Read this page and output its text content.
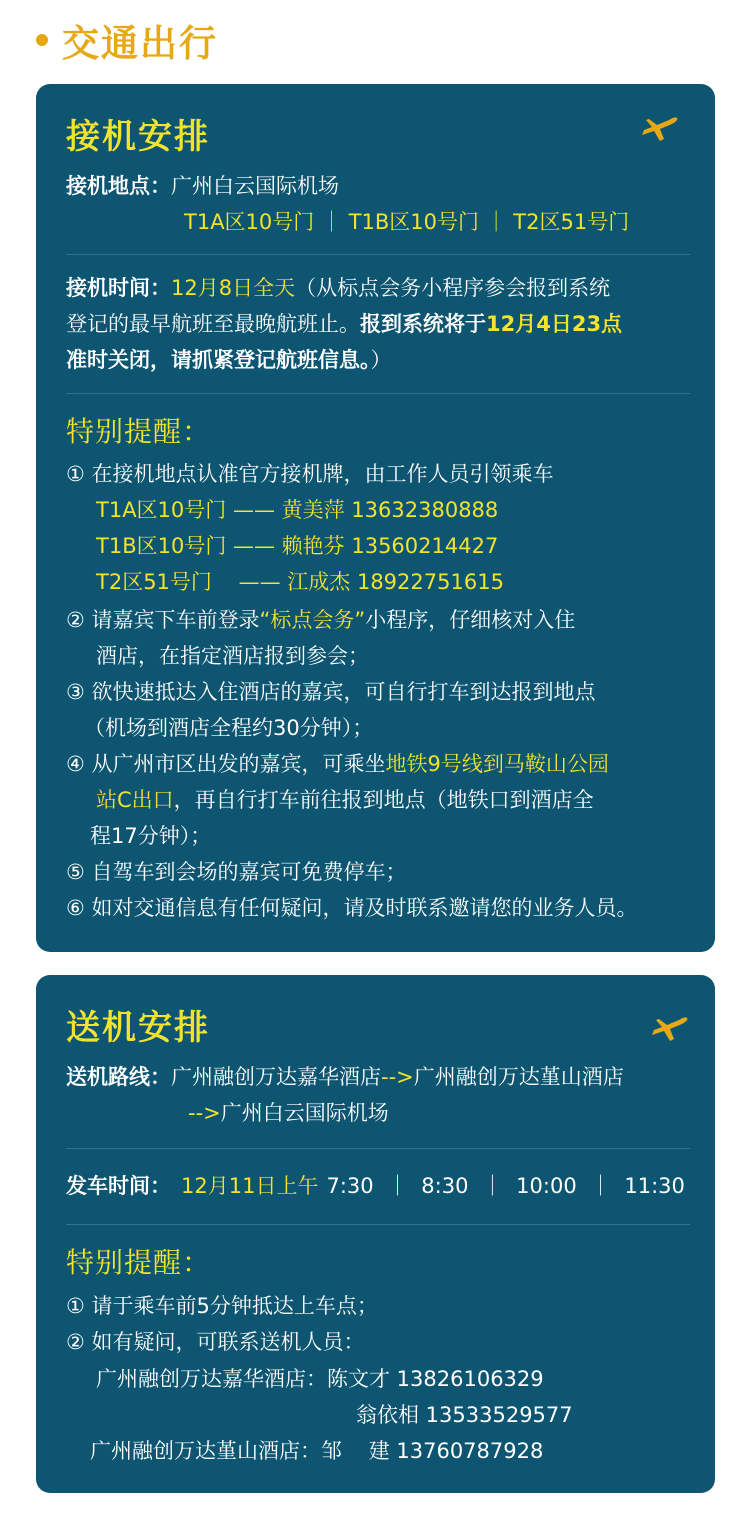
交通出行
接机安排
接机地点：广州白云国际机场
T1A区10号门 ｜ T1B区10号门 ｜ T2区51号门
接机时间：12月8日全天（从标点会务小程序参会报到系统
登记的最早航班至最晚航班止。报到系统将于12月4日23点
准时关闭，请抓紧登记航班信息。）
特别提醒：
① 在接机地点认准官方接机牌，由工作人员引领乘车
T1A区10号门 —— 黄美萍 13632380888
T1B区10号门 —— 赖艳芬 13560214427
T2区51号门    —— 江成杰 18922751615
② 请嘉宾下车前登录“标点会务”小程序，仔细核对入住
酒店，在指定酒店报到参会；
③ 欲快速抵达入住酒店的嘉宾，可自行打车到达报到地点
（机场到酒店全程约30分钟）；
④ 从广州市区出发的嘉宾，可乘坐地铁9号线到马鞍山公园
站C出口，再自行打车前往报到地点（地铁口到酒店全
程17分钟）；
⑤ 自驾车到会场的嘉宾可免费停车；
⑥ 如对交通信息有任何疑问，请及时联系邀请您的业务人员。
送机安排
送机路线：广州融创万达嘉华酒店-->广州融创万达堇山酒店
-->广州白云国际机场
发车时间： 12月11日上午 7:30  ｜  8:30  ｜  10:00  ｜  11:30
特别提醒：
① 请于乘车前5分钟抵达上车点；
② 如有疑问，可联系送机人员：
广州融创万达嘉华酒店：陈文才 13826106329
翁依相 13533529577
广州融创万达堇山酒店：邹    建 13760787928
